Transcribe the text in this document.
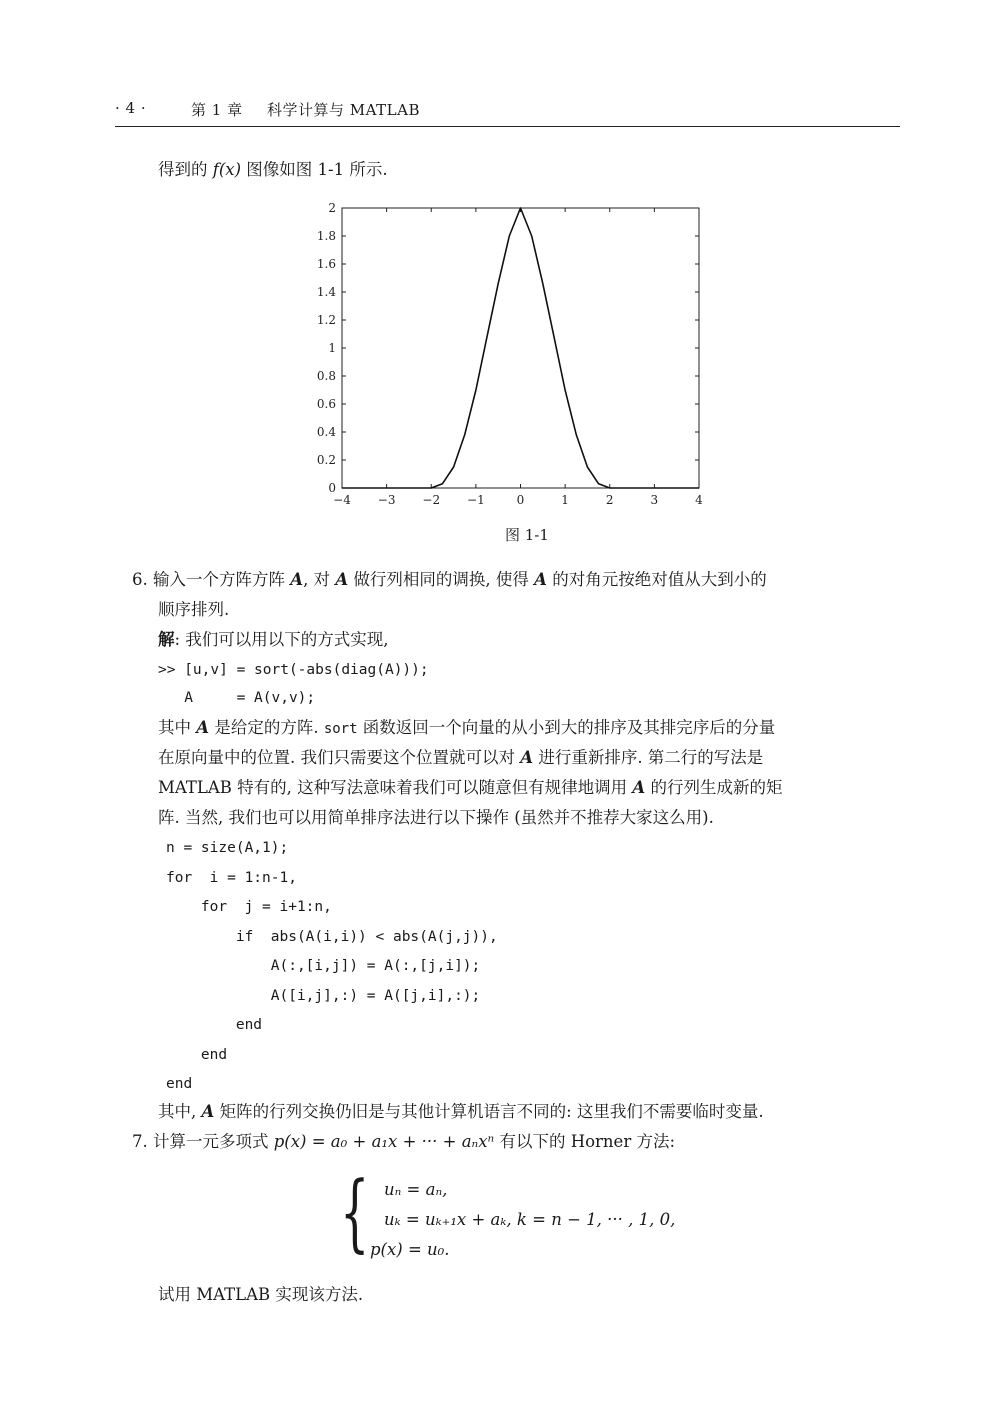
· 4 ·	第 1 章 科学计算与 MATLAB
得到的 f(x) 图像如图 1-1 所示.
−4 −3 −2 −1	0	1	2	3	4
0
0.2
0.4
0.6
0.8
1
1.2
1.4
1.6
1.8
2
图 1-1
6. 输入一个方阵方阵 A, 对 A 做行列相同的调换, 使得 A 的对角元按绝对值从大到小的
顺序排列.
解: 我们可以用以下的方式实现,
>> [u,v] = sort(-abs(diag(A)));
A     = A(v,v);
其中 A 是给定的方阵. sort 函数返回一个向量的从小到大的排序及其排完序后的分量
在原向量中的位置. 我们只需要这个位置就可以对 A 进行重新排序. 第二行的写法是
MATLAB 特有的, 这种写法意味着我们可以随意但有规律地调用 A 的行列生成新的矩
阵. 当然, 我们也可以用简单排序法进行以下操作 (虽然并不推荐大家这么用).
n = size(A,1);
for  i = 1:n-1,
for  j = i+1:n,
if  abs(A(i,i)) < abs(A(j,j)),
A(:,[i,j]) = A(:,[j,i]);
A([i,j],:) = A([j,i],:);
end
end
end
其中, A 矩阵的行列交换仍旧是与其他计算机语言不同的: 这里我们不需要临时变量.
7. 计算一元多项式 p(x) = a₀ + a₁x + ··· + aₙxⁿ 有以下的 Horner 方法:
{ uₙ = aₙ,
uₖ = uₖ₊₁x + aₖ, k = n − 1, ··· , 1, 0,
p(x) = u₀.
试用 MATLAB 实现该方法.
